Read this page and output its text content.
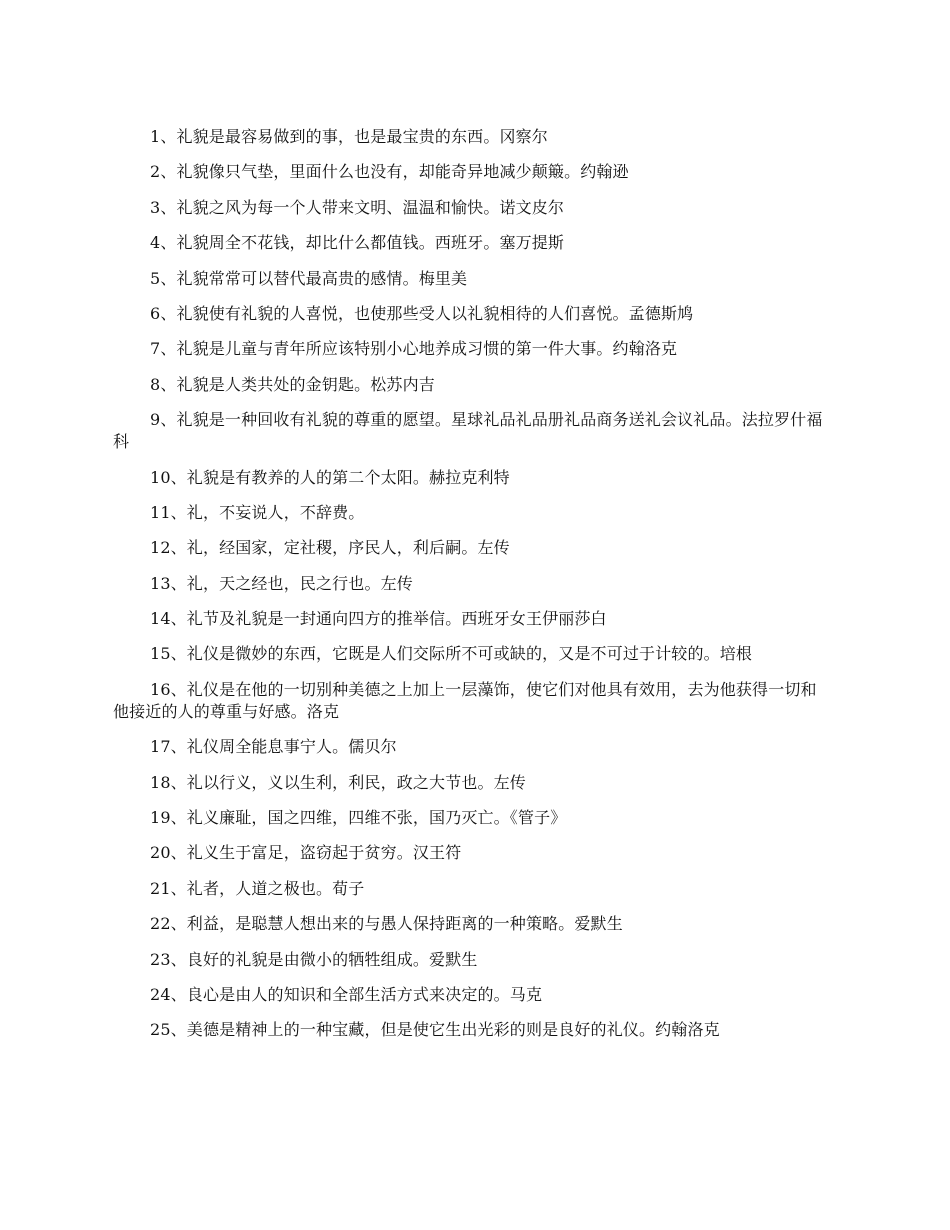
1、礼貌是最容易做到的事，也是最宝贵的东西。冈察尔

2、礼貌像只气垫，里面什么也没有，却能奇异地减少颠簸。约翰逊

3、礼貌之风为每一个人带来文明、温温和愉快。诺文皮尔

4、礼貌周全不花钱，却比什么都值钱。西班牙。塞万提斯

5、礼貌常常可以替代最高贵的感情。梅里美

6、礼貌使有礼貌的人喜悦，也使那些受人以礼貌相待的人们喜悦。孟德斯鸠

7、礼貌是儿童与青年所应该特别小心地养成习惯的第一件大事。约翰洛克

8、礼貌是人类共处的金钥匙。松苏内吉

9、礼貌是一种回收有礼貌的尊重的愿望。星球礼品礼品册礼品商务送礼会议礼品。法拉罗什福科

10、礼貌是有教养的人的第二个太阳。赫拉克利特

11、礼，不妄说人，不辞费。

12、礼，经国家，定社稷，序民人，利后嗣。左传

13、礼，天之经也，民之行也。左传

14、礼节及礼貌是一封通向四方的推举信。西班牙女王伊丽莎白

15、礼仪是微妙的东西，它既是人们交际所不可或缺的，又是不可过于计较的。培根

16、礼仪是在他的一切别种美德之上加上一层藻饰，使它们对他具有效用，去为他获得一切和他接近的人的尊重与好感。洛克

17、礼仪周全能息事宁人。儒贝尔

18、礼以行义，义以生利，利民，政之大节也。左传

19、礼义廉耻，国之四维，四维不张，国乃灭亡。《管子》

20、礼义生于富足，盗窃起于贫穷。汉王符

21、礼者，人道之极也。荀子

22、利益，是聪慧人想出来的与愚人保持距离的一种策略。爱默生

23、良好的礼貌是由微小的牺牲组成。爱默生

24、良心是由人的知识和全部生活方式来决定的。马克

25、美德是精神上的一种宝藏，但是使它生出光彩的则是良好的礼仪。约翰洛克
